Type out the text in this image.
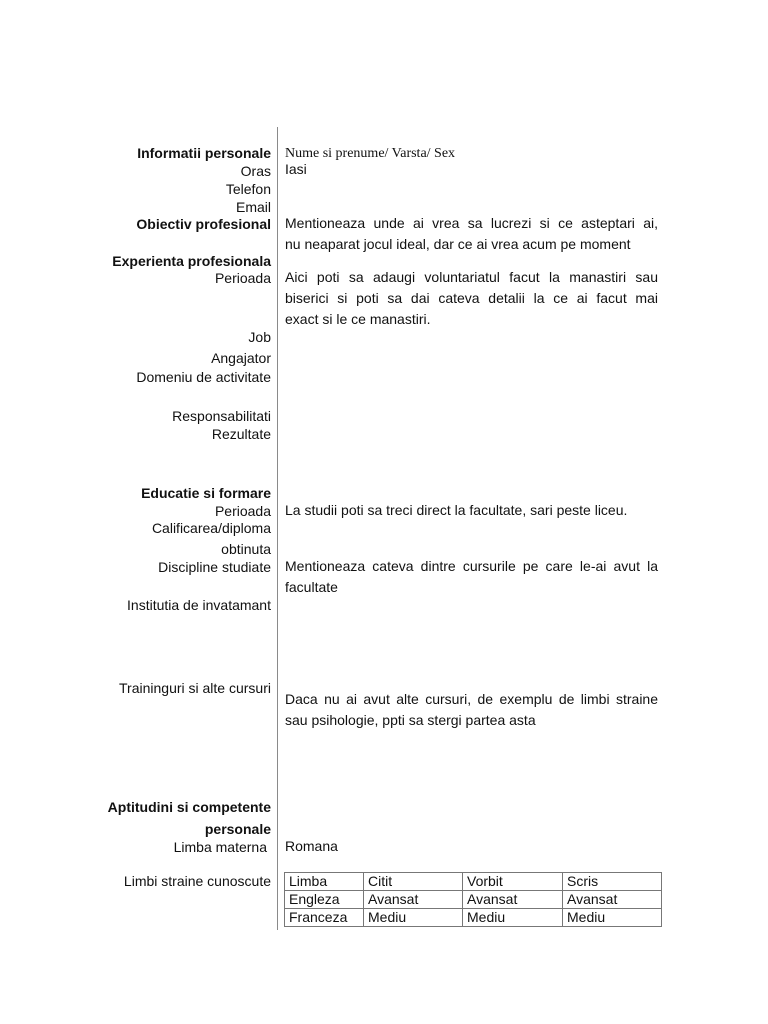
Informatii personale Nume si prenume/ Varsta/ Sex
Oras Iasi
Telefon
Email
Obiectiv profesional Mentioneaza unde ai vrea sa lucrezi si ce asteptari ai,
nu neaparat jocul ideal, dar ce ai vrea acum pe moment
Experienta profesionala
Perioada Aici poti sa adaugi voluntariatul facut la manastiri sau
biserici si poti sa dai cateva detalii la ce ai facut mai
exact si le ce manastiri.
Job
Angajator
Domeniu de activitate
Responsabilitati
Rezultate
Educatie si formare
Perioada La studii poti sa treci direct la facultate, sari peste liceu.
Calificarea/diploma
obtinuta
Discipline studiate Mentioneaza cateva dintre cursurile pe care le-ai avut la
facultate
Institutia de invatamant
Traininguri si alte cursuri
Daca nu ai avut alte cursuri, de exemplu de limbi straine
sau psihologie, ppti sa stergi partea asta
Aptitudini si competente
personale
Limba materna Romana
Limbi straine cunoscute Limba	Citit	Vorbit	Scris
Engleza	Avansat	Avansat	Avansat
Franceza	Mediu	Mediu	Mediu
